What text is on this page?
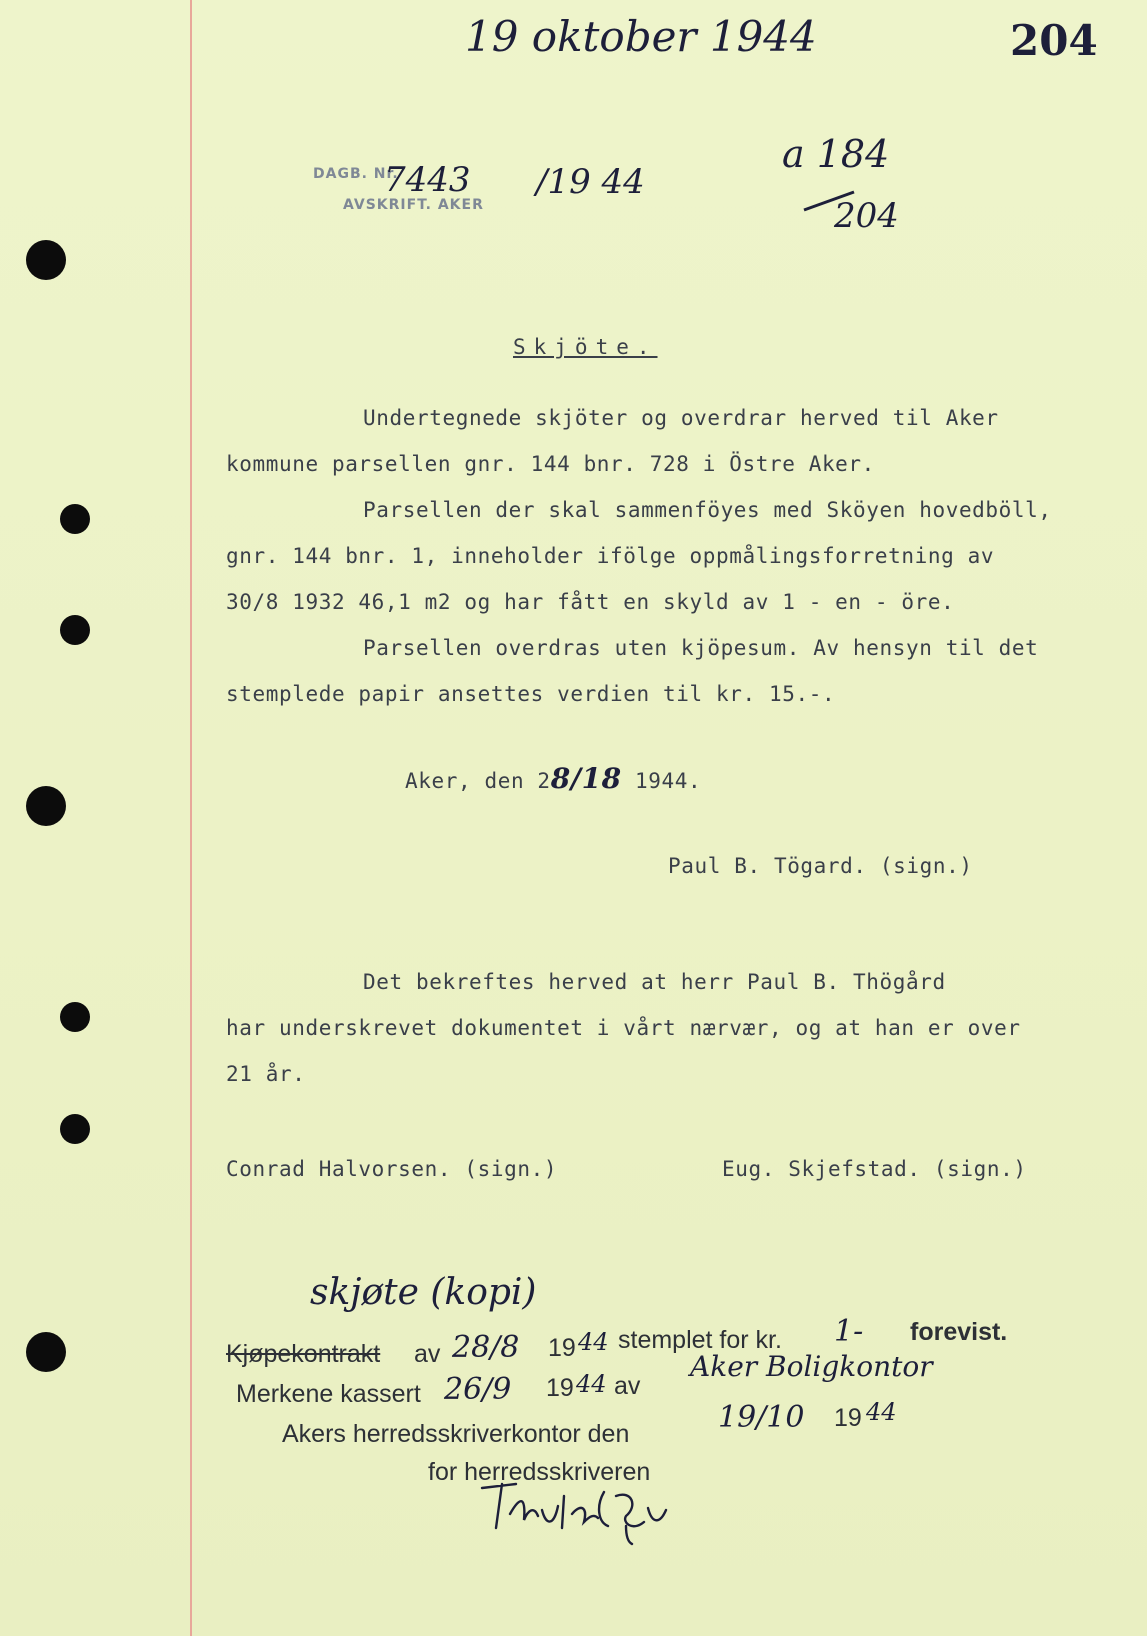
19 oktober 1944	204
DAGB. Nr.
7443 /19 44
AVSKRIFT. AKER
a 184
204
Skjöte.
Undertegnede skjöter og overdrar herved til Aker
kommune parsellen gnr. 144 bnr. 728 i Östre Aker.
Parsellen der skal sammenföyes med Sköyen hovedböll,
gnr. 144 bnr. 1, inneholder ifölge oppmålingsforretning av
30/8 1932 46,1 m2 og har fått en skyld av 1 - en - öre.
Parsellen overdras uten kjöpesum. Av hensyn til det
stemplede papir ansettes verdien til kr. 15.-.
Aker, den 28/18 1944.
Paul B. Tögard. (sign.)
Det bekreftes herved at herr Paul B. Thögård
har underskrevet dokumentet i vårt nærvær, og at han er over
21 år.
Conrad Halvorsen. (sign.)	Eug. Skjefstad. (sign.)
skjøte (kopi)
Kjøpekontrakt av 28/8 19 44 stemplet for kr. 1- forevist.
Merkene kassert 26/9 19 44 av
Aker Boligkontor
Akers herredsskriverkontor den	19/10 19 44
for herredsskriveren
